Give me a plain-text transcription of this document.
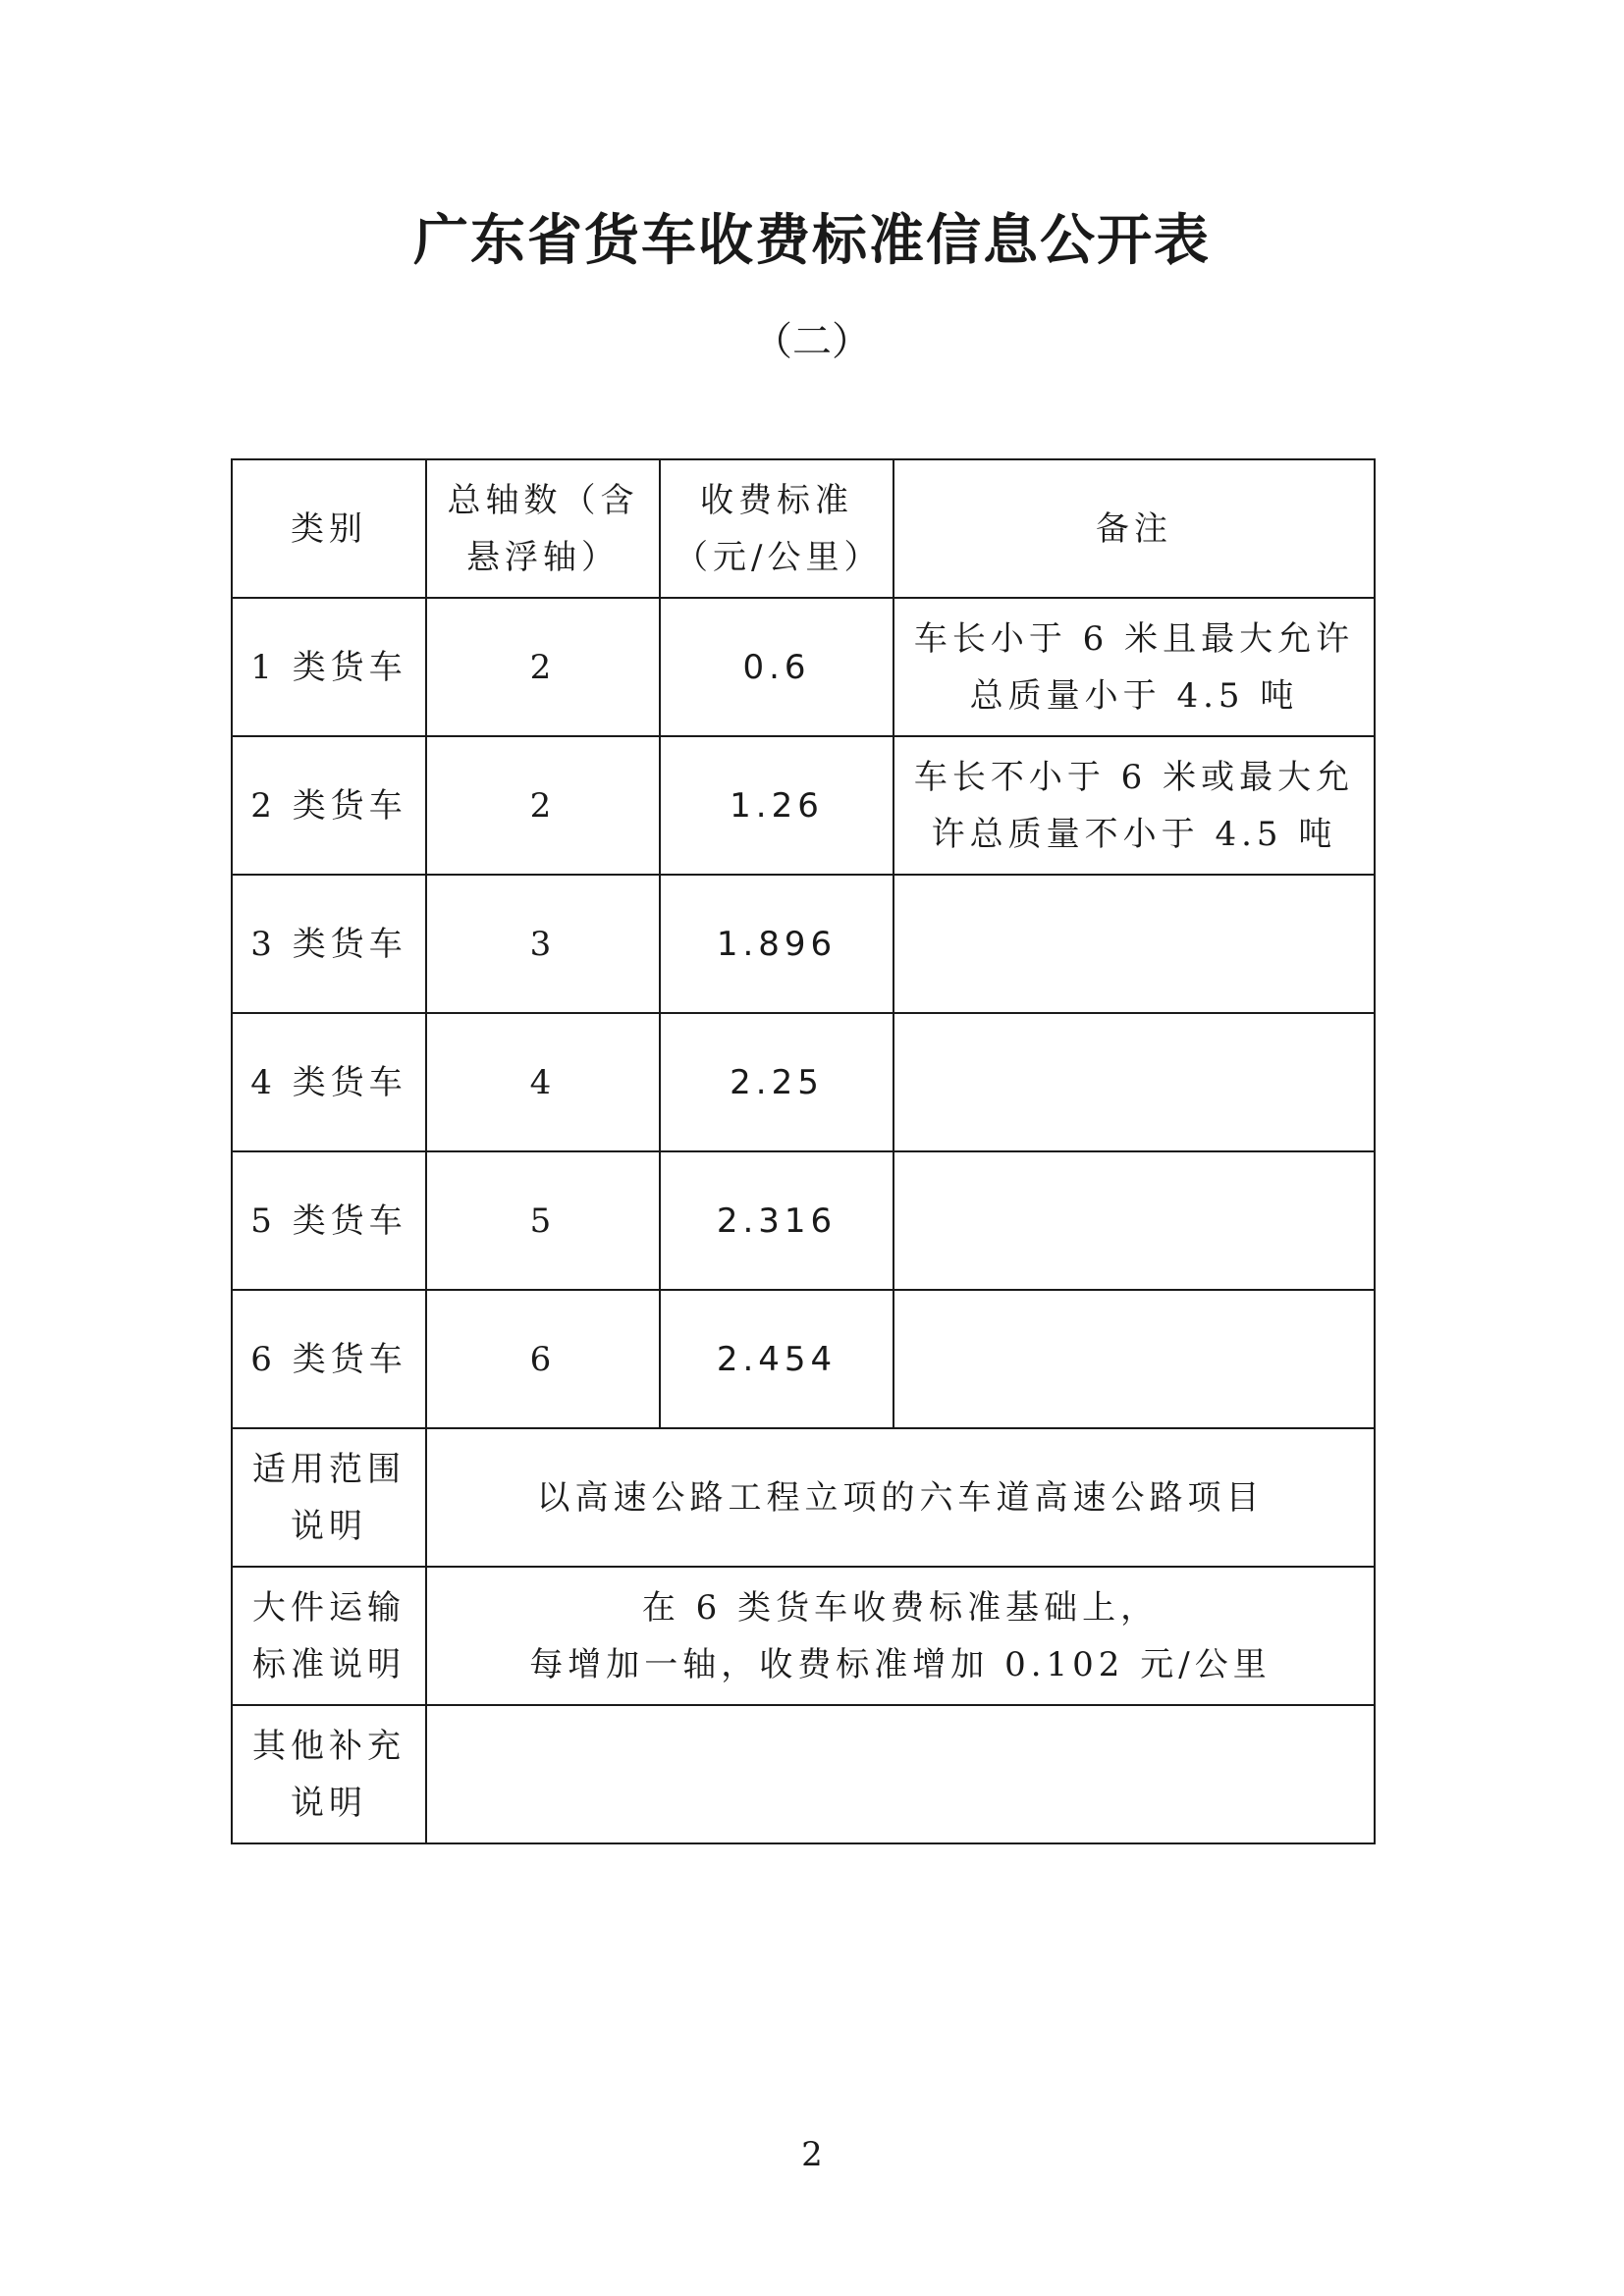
广东省货车收费标准信息公开表
（二）
类别	总轴数（含悬浮轴）	收费标准（元/公里）	备注
1 类货车	2	0.6	车长小于 6 米且最大允许总质量小于 4.5 吨
2 类货车	2	1.26	车长不小于 6 米或最大允许总质量不小于 4.5 吨
3 类货车	3	1.896	
4 类货车	4	2.25	
5 类货车	5	2.316	
6 类货车	6	2.454	
适用范围说明	以高速公路工程立项的六车道高速公路项目		
大件运输标准说明	在 6 类货车收费标准基础上，
每增加一轴，收费标准增加 0.102 元/公里		

其他补充说明			
2
